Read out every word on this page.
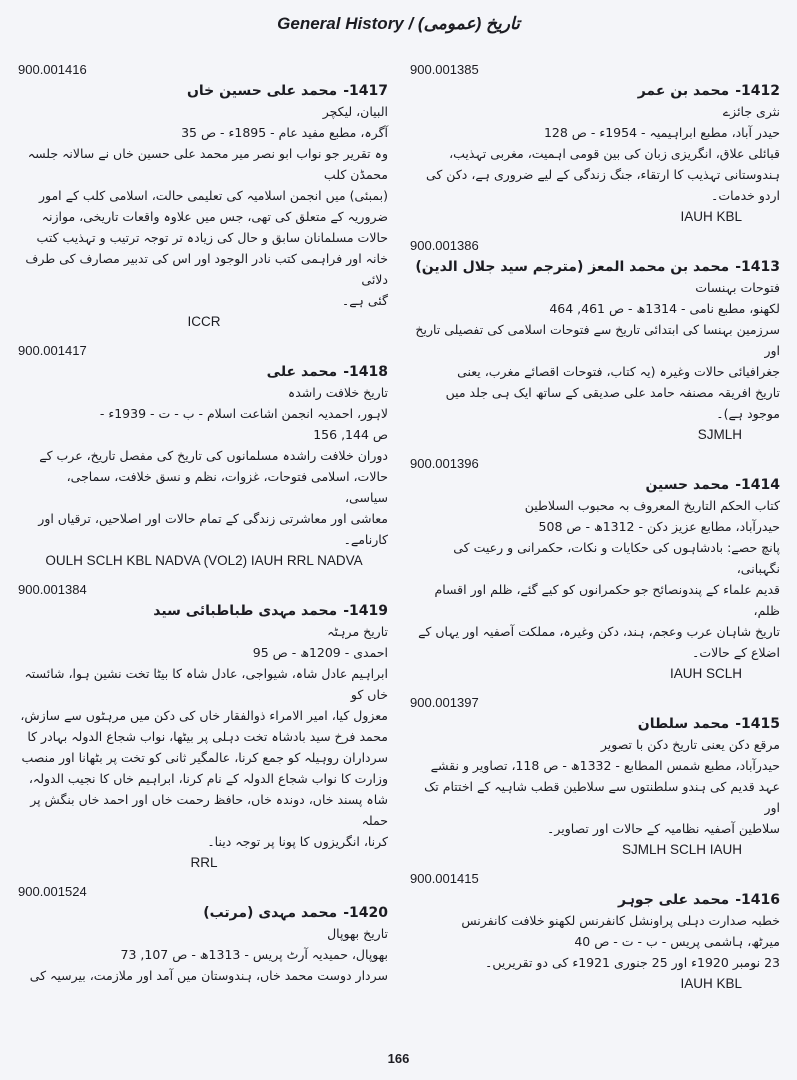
General History / (عمومی) تاریخ
900.001385
1412-محمد بن عمر
نثری جائزے
حیدر آباد، مطبع ابراہیمیہ - 1954ء - ص 128
قبائلی علاق، انگریزی زبان کی بین قومی اہمیت، مغربی تہذیب،
ہندوستانی تہذیب کا ارتقاء، جنگ زندگی کے لیے ضروری ہے، دکن کی
اردو خدمات۔
IAUH KBL
900.001386
1413-محمد بن محمد المعز (مترجم سید جلال الدین)
فتوحات بہنسات
لکھنو، مطبع نامی - 1314ھ - ص 461, 464
سرزمین بہنسا کی ابتدائی تاریخ سے فتوحات اسلامی کی تفصیلی تاریخ اور
جغرافیائی حالات وغیرہ (یہ کتاب، فتوحات اقصائے مغرب، یعنی
تاریخ افریقہ مصنفہ حامد علی صدیقی کے ساتھ ایک ہی جلد میں
موجود ہے)۔
SJMLH
900.001396
1414-محمد حسین
کتاب الحکم التاریخ المعروف بہ محبوب السلاطین
حیدرآباد، مطابع عزیز دکن - 1312ھ - ص 508
پانچ حصے: بادشاہوں کی حکایات و نکات، حکمرانی و رعیت کی نگہبانی،
قدیم علماء کے پندونصائح جو حکمرانوں کو کیے گئے، ظلم اور اقسام ظلم،
تاریخ شاہان عرب وعجم، ہند، دکن وغیرہ، مملکت آصفیہ اور یہاں کے
اضلاع کے حالات۔
IAUH SCLH
900.001397
1415-محمد سلطان
مرقع دکن یعنی تاریخ دکن با تصویر
حیدرآباد، مطبع شمس المطابع - 1332ھ - ص 118، تصاویر و نقشے
عہد قدیم کی ہندو سلطنتوں سے سلاطین قطب شاہیہ کے اختتام تک اور
سلاطین آصفیہ نظامیہ کے حالات اور تصاویر۔
SJMLH SCLH IAUH
900.001415
1416-محمد علی جوہر
خطبہ صدارت دہلی پراونشل کانفرنس لکھنو خلافت کانفرنس
میرٹھ، ہاشمی پریس - ب - ت - ص 40
23 نومبر 1920ء اور 25 جنوری 1921ء کی دو تقریریں۔
IAUH KBL
900.001416
1417-محمد علی حسین خاں
البیان، لیکچر
آگرہ، مطبع مفید عام - 1895ء - ص 35
وہ تقریر جو نواب ابو نصر میر محمد علی حسین خاں نے سالانہ جلسہ محمڈن کلب
(بمبئی) میں انجمن اسلامیہ کی تعلیمی حالت، اسلامی کلب کے امور
ضروریہ کے متعلق کی تھی، جس میں علاوہ واقعات تاریخی، موازنہ
حالات مسلمانان سابق و حال کی زیادہ تر توجہ ترتیب و تہذیب کتب
خانہ اور فراہمی کتب نادر الوجود اور اس کی تدبیر مصارف کی طرف دلائی
گئی ہے۔
ICCR
900.001417
1418-محمد علی
تاریخ خلافت راشدہ
لاہور، احمدیہ انجمن اشاعت اسلام - ب - ت - 1939ء -
ص 144, 156
دوران خلافت راشدہ مسلمانوں کی تاریخ کی مفصل تاریخ، عرب کے
حالات، اسلامی فتوحات، غزوات، نظم و نسق خلافت، سماجی، سیاسی،
معاشی اور معاشرتی زندگی کے تمام حالات اور اصلاحیں، ترقیاں اور
کارنامے۔
OULH SCLH KBL NADVA (VOL2) IAUH RRL NADVA
900.001384
1419-محمد مہدی طباطبائی سید
تاریخ مرہٹہ
احمدی - 1209ھ - ص 95
ابراہیم عادل شاہ، شیواجی، عادل شاہ کا بیٹا تخت نشین ہوا، شائستہ خاں کو
معزول کیا، امیر الامراء ذوالفقار خاں کی دکن میں مرہٹوں سے سازش،
محمد فرخ سید بادشاہ تخت دہلی پر بیٹھا، نواب شجاع الدولہ بہادر کا
سرداران روہیلہ کو جمع کرنا، عالمگیر ثانی کو تخت پر بٹھانا اور منصب
وزارت کا نواب شجاع الدولہ کے نام کرنا، ابراہیم خاں کا نجیب الدولہ،
شاہ پسند خاں، دوندہ خاں، حافظ رحمت خاں اور احمد خاں بنگش پر حملہ
کرنا، انگریزوں کا پونا پر توجہ دینا۔
RRL
900.001524
1420-محمد مہدی (مرتب)
تاریخ بھوپال
بھوپال، حمیدیہ آرٹ پریس - 1313ھ - ص 107, 73
سردار دوست محمد خاں، ہندوستان میں آمد اور ملازمت، بیرسیہ کی
166
